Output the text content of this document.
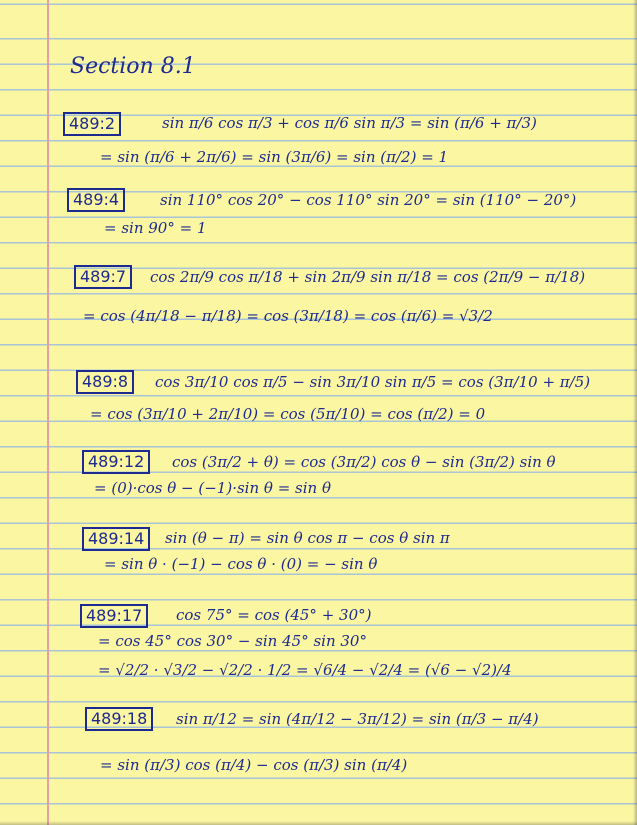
Section 8.1
489:2	sin π/6 cos π/3 + cos π/6 sin π/3 = sin (π/6 + π/3)
= sin (π/6 + 2π/6) = sin (3π/6) = sin (π/2) = 1
489:4	sin 110° cos 20° − cos 110° sin 20° = sin (110° − 20°)
= sin 90° = 1
489:7	cos 2π/9 cos π/18 + sin 2π/9 sin π/18 = cos (2π/9 − π/18)
= cos (4π/18 − π/18) = cos (3π/18) = cos (π/6) = √3/2
489:8	cos 3π/10 cos π/5 − sin 3π/10 sin π/5 = cos (3π/10 + π/5)
= cos (3π/10 + 2π/10) = cos (5π/10) = cos (π/2) = 0
489:12	cos (3π/2 + θ) = cos (3π/2) cos θ − sin (3π/2) sin θ
= (0)·cos θ − (−1)·sin θ = sin θ
489:14	sin (θ − π) = sin θ cos π − cos θ sin π
= sin θ · (−1) − cos θ · (0) = − sin θ
489:17	cos 75° = cos (45° + 30°)
= cos 45° cos 30° − sin 45° sin 30°
= √2/2 · √3/2 − √2/2 · 1/2 = √6/4 − √2/4 = (√6 − √2)/4
489:18	sin π/12 = sin (4π/12 − 3π/12) = sin (π/3 − π/4)
= sin (π/3) cos (π/4) − cos (π/3) sin (π/4)
